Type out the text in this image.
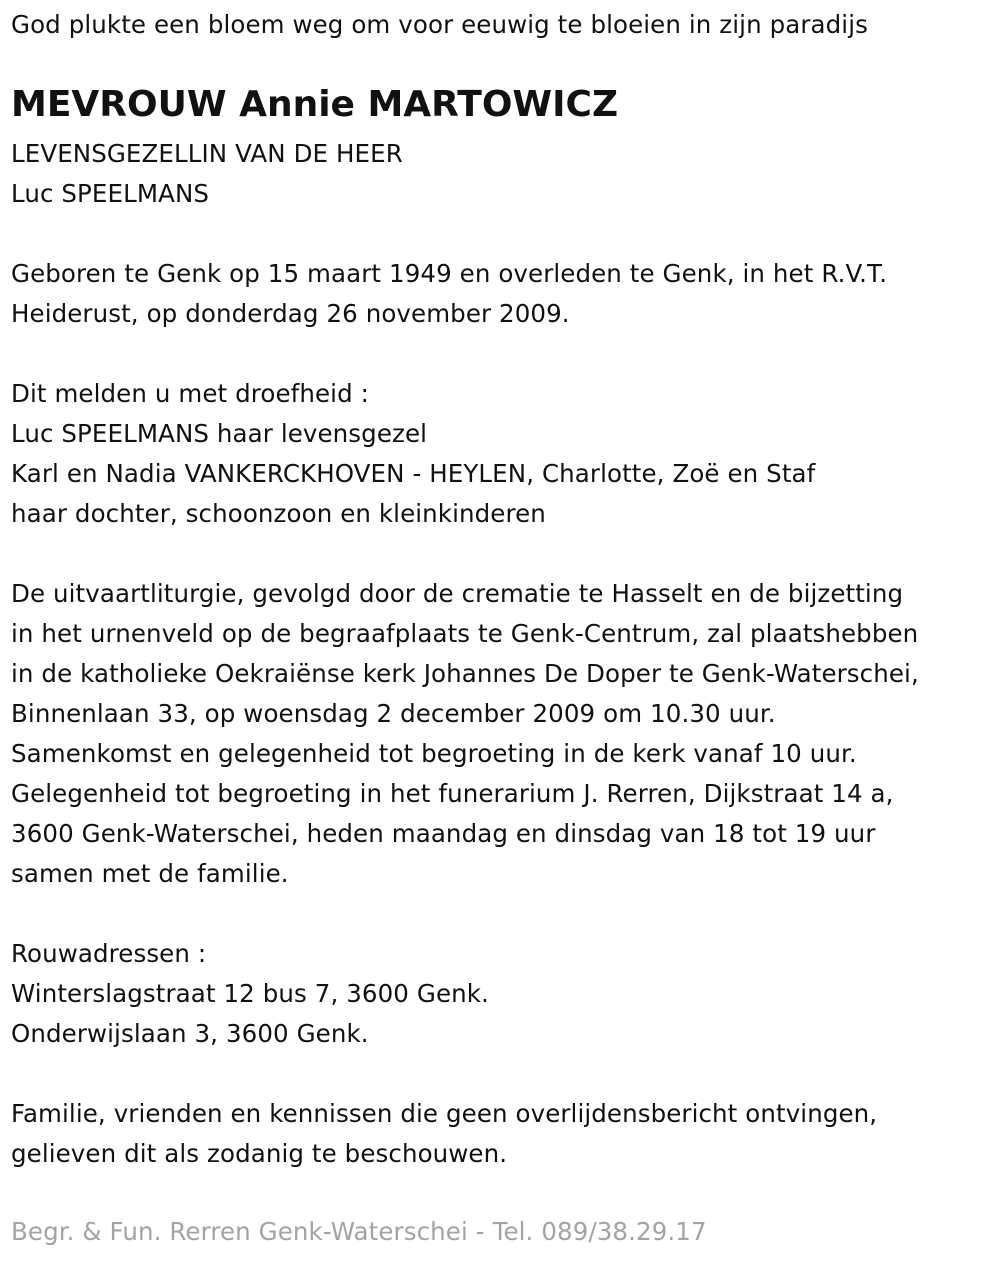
God plukte een bloem weg om voor eeuwig te bloeien in zijn paradijs
MEVROUW Annie MARTOWICZ
LEVENSGEZELLIN VAN DE HEER
Luc SPEELMANS
Geboren te Genk op 15 maart 1949 en overleden te Genk, in het R.V.T.
Heiderust, op donderdag 26 november 2009.
Dit melden u met droefheid :
Luc SPEELMANS haar levensgezel
Karl en Nadia VANKERCKHOVEN - HEYLEN, Charlotte, Zoë en Staf
haar dochter, schoonzoon en kleinkinderen
De uitvaartliturgie, gevolgd door de crematie te Hasselt en de bijzetting
in het urnenveld op de begraafplaats te Genk-Centrum, zal plaatshebben
in de katholieke Oekraiënse kerk Johannes De Doper te Genk-Waterschei,
Binnenlaan 33, op woensdag 2 december 2009 om 10.30 uur.
Samenkomst en gelegenheid tot begroeting in de kerk vanaf 10 uur.
Gelegenheid tot begroeting in het funerarium J. Rerren, Dijkstraat 14 a,
3600 Genk-Waterschei, heden maandag en dinsdag van 18 tot 19 uur
samen met de familie.
Rouwadressen :
Winterslagstraat 12 bus 7, 3600 Genk.
Onderwijslaan 3, 3600 Genk.
Familie, vrienden en kennissen die geen overlijdensbericht ontvingen,
gelieven dit als zodanig te beschouwen.
Begr. & Fun. Rerren Genk-Waterschei - Tel. 089/38.29.17
